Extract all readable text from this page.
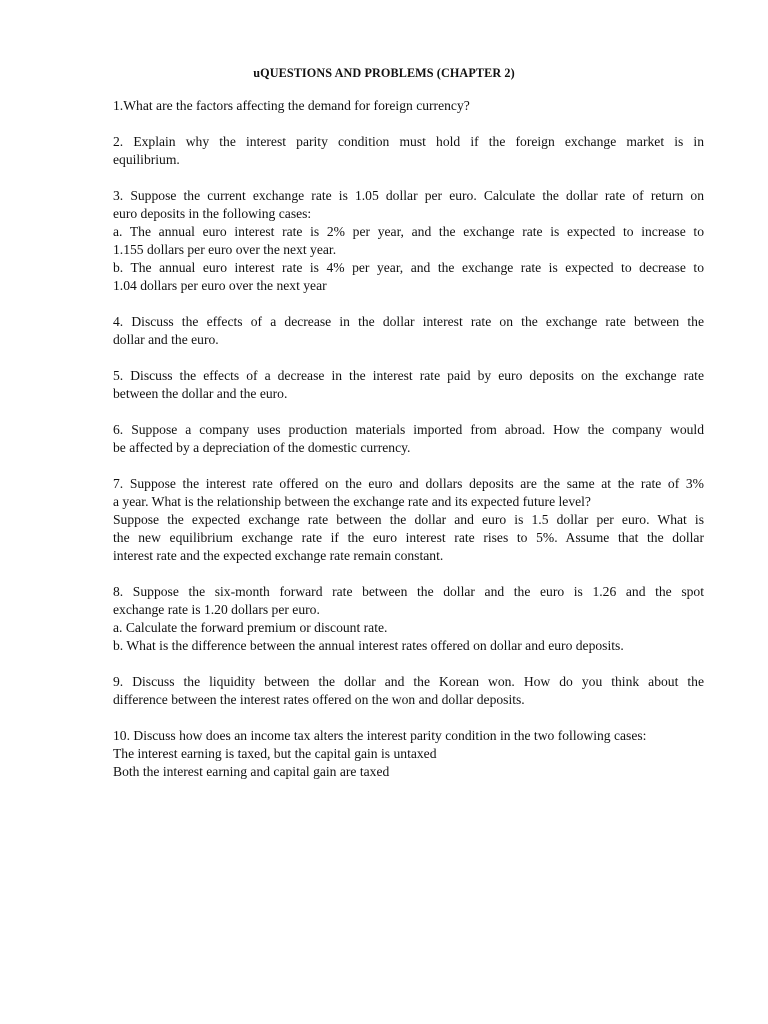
uQUESTIONS AND PROBLEMS (CHAPTER 2)
1.What are the factors affecting the demand for foreign currency?
2. Explain why the interest parity condition must hold if the foreign exchange market is in
equilibrium.
3. Suppose the current exchange rate is 1.05 dollar per euro. Calculate the dollar rate of return on
euro deposits in the following cases:
a. The annual euro interest rate is 2% per year, and the exchange rate is expected to increase to
1.155 dollars per euro over the next year.
b. The annual euro interest rate is 4% per year, and the exchange rate is expected to decrease to
1.04 dollars per euro over the next year
4. Discuss the effects of a decrease in the dollar interest rate on the exchange rate between the
dollar and the euro.
5. Discuss the effects of a decrease in the interest rate paid by euro deposits on the exchange rate
between the dollar and the euro.
6. Suppose a company uses production materials imported from abroad. How the company would
be affected by a depreciation of the domestic currency.
7. Suppose the interest rate offered on the euro and dollars deposits are the same at the rate of 3%
a year. What is the relationship between the exchange rate and its expected future level?
Suppose the expected exchange rate between the dollar and euro is 1.5 dollar per euro. What is
the new equilibrium exchange rate if the euro interest rate rises to 5%. Assume that the dollar
interest rate and the expected exchange rate remain constant.
8. Suppose the six-month forward rate between the dollar and the euro is 1.26 and the spot
exchange rate is 1.20 dollars per euro.
a. Calculate the forward premium or discount rate.
b. What is the difference between the annual interest rates offered on dollar and euro deposits.
9. Discuss the liquidity between the dollar and the Korean won. How do you think about the
difference between the interest rates offered on the won and dollar deposits.
10. Discuss how does an income tax alters the interest parity condition in the two following cases:
The interest earning is taxed, but the capital gain is untaxed
Both the interest earning and capital gain are taxed
